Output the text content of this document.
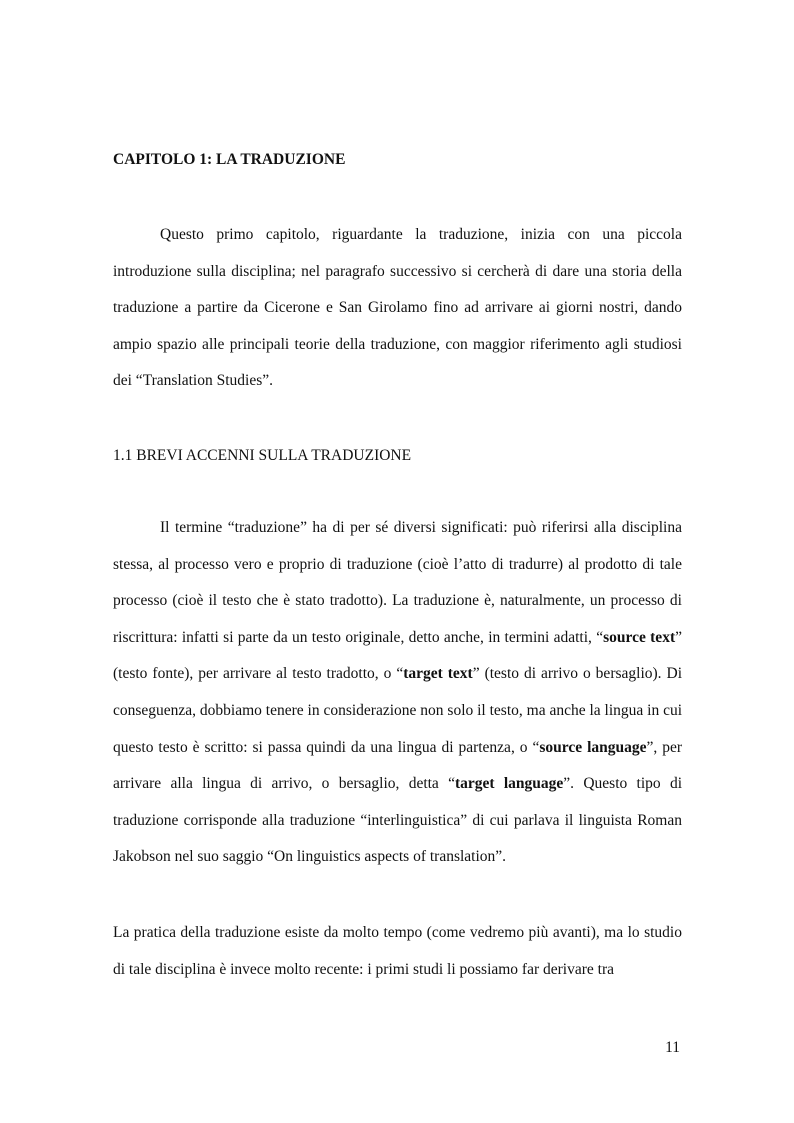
CAPITOLO 1: LA TRADUZIONE

Questo primo capitolo, riguardante la traduzione, inizia con una piccola introduzione sulla disciplina; nel paragrafo successivo si cercherà di dare una storia della traduzione a partire da Cicerone e San Girolamo fino ad arrivare ai giorni nostri, dando ampio spazio alle principali teorie della traduzione, con maggior riferimento agli studiosi dei “Translation Studies”.

1.1 BREVI ACCENNI SULLA TRADUZIONE

Il termine “traduzione” ha di per sé diversi significati: può riferirsi alla disciplina stessa, al processo vero e proprio di traduzione (cioè l’atto di tradurre) al prodotto di tale processo (cioè il testo che è stato tradotto). La traduzione è, naturalmente, un processo di riscrittura: infatti si parte da un testo originale, detto anche, in termini adatti, “source text” (testo fonte), per arrivare al testo tradotto, o “target text” (testo di arrivo o bersaglio). Di conseguenza, dobbiamo tenere in considerazione non solo il testo, ma anche la lingua in cui questo testo è scritto: si passa quindi da una lingua di partenza, o “source language”, per arrivare alla lingua di arrivo, o bersaglio, detta “target language”. Questo tipo di traduzione corrisponde alla traduzione “interlinguistica” di cui parlava il linguista Roman Jakobson nel suo saggio “On linguistics aspects of translation”.

La pratica della traduzione esiste da molto tempo (come vedremo più avanti), ma lo studio di tale disciplina è invece molto recente: i primi studi li possiamo far derivare tra

11
